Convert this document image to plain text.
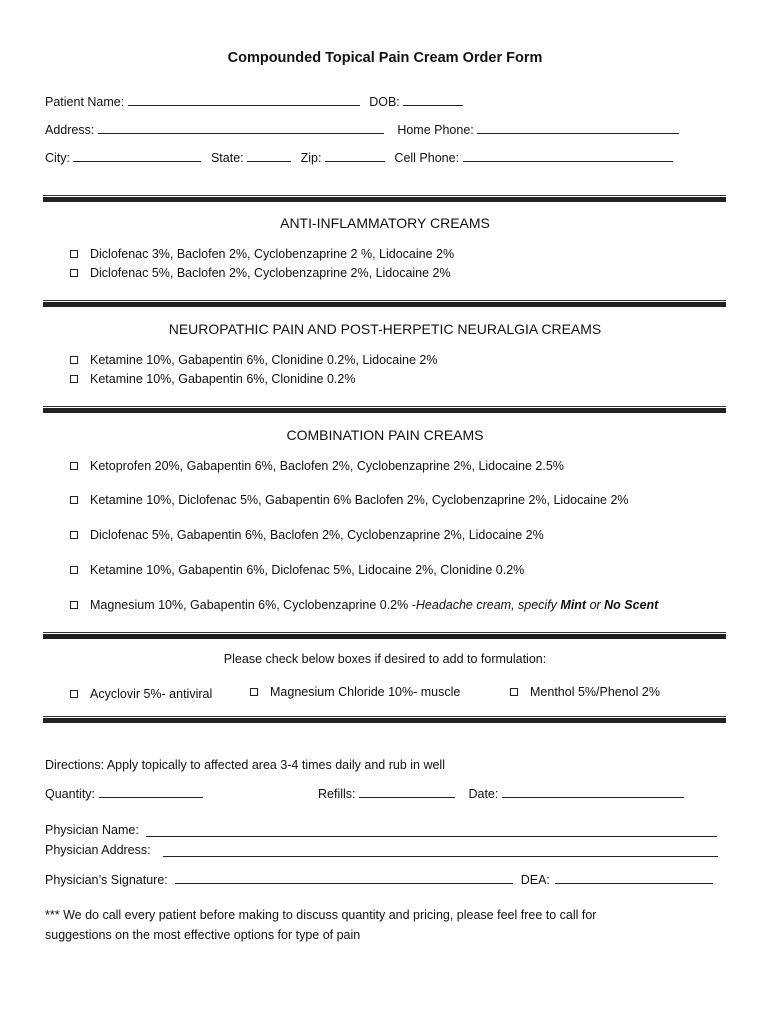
Compounded Topical Pain Cream Order Form
Patient Name:	DOB:
Address:	Home Phone:
City:	State:	Zip:	Cell Phone:
ANTI-INFLAMMATORY CREAMS
Diclofenac 3%, Baclofen 2%, Cyclobenzaprine 2 %, Lidocaine 2%
Diclofenac 5%, Baclofen 2%, Cyclobenzaprine 2%, Lidocaine 2%
NEUROPATHIC PAIN AND POST-HERPETIC NEURALGIA CREAMS
Ketamine 10%, Gabapentin 6%, Clonidine 0.2%, Lidocaine 2%
Ketamine 10%, Gabapentin 6%, Clonidine 0.2%
COMBINATION PAIN CREAMS
Ketoprofen 20%, Gabapentin 6%, Baclofen 2%, Cyclobenzaprine 2%, Lidocaine 2.5%
Ketamine 10%, Diclofenac 5%, Gabapentin 6% Baclofen 2%, Cyclobenzaprine 2%, Lidocaine 2%
Diclofenac 5%, Gabapentin 6%, Baclofen 2%, Cyclobenzaprine 2%, Lidocaine 2%
Ketamine 10%, Gabapentin 6%, Diclofenac 5%, Lidocaine 2%, Clonidine 0.2%
Magnesium 10%, Gabapentin 6%, Cyclobenzaprine 0.2% -Headache cream, specify Mint or No Scent
Please check below boxes if desired to add to formulation:
Acyclovir 5%- antiviral	Magnesium Chloride 10%- muscle	Menthol 5%/Phenol 2%
Directions: Apply topically to affected area 3-4 times daily and rub in well
Quantity:	Refills:	Date:
Physician Name:
Physician Address:
Physician’s Signature:	DEA:
*** We do call every patient before making to discuss quantity and pricing, please feel free to call for
suggestions on the most effective options for type of pain
